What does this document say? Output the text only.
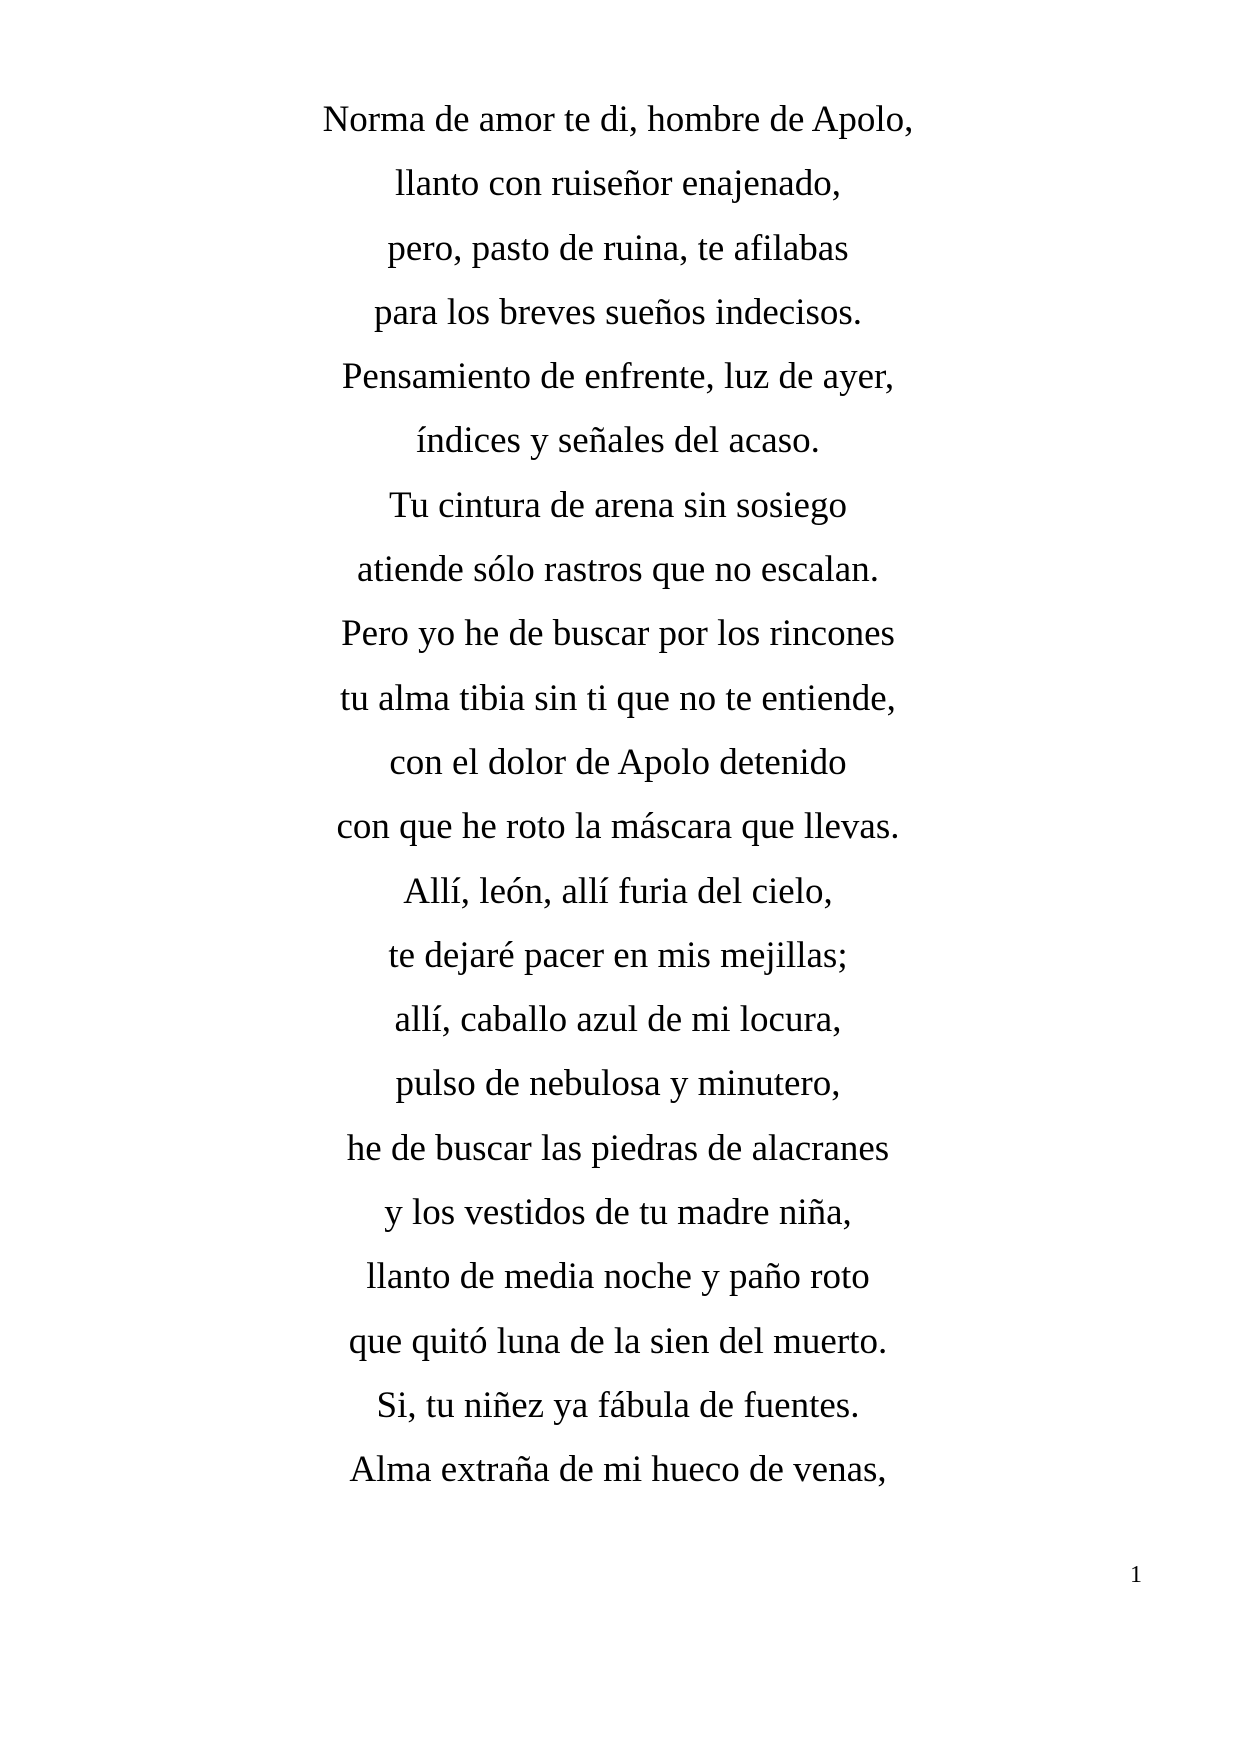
Norma de amor te di, hombre de Apolo,
llanto con ruiseñor enajenado,
pero, pasto de ruina, te afilabas
para los breves sueños indecisos.
Pensamiento de enfrente, luz de ayer,
índices y señales del acaso.
Tu cintura de arena sin sosiego
atiende sólo rastros que no escalan.
Pero yo he de buscar por los rincones
tu alma tibia sin ti que no te entiende,
con el dolor de Apolo detenido
con que he roto la máscara que llevas.
Allí, león, allí furia del cielo,
te dejaré pacer en mis mejillas;
allí, caballo azul de mi locura,
pulso de nebulosa y minutero,
he de buscar las piedras de alacranes
y los vestidos de tu madre niña,
llanto de media noche y paño roto
que quitó luna de la sien del muerto.
Si, tu niñez ya fábula de fuentes.
Alma extraña de mi hueco de venas,
1
